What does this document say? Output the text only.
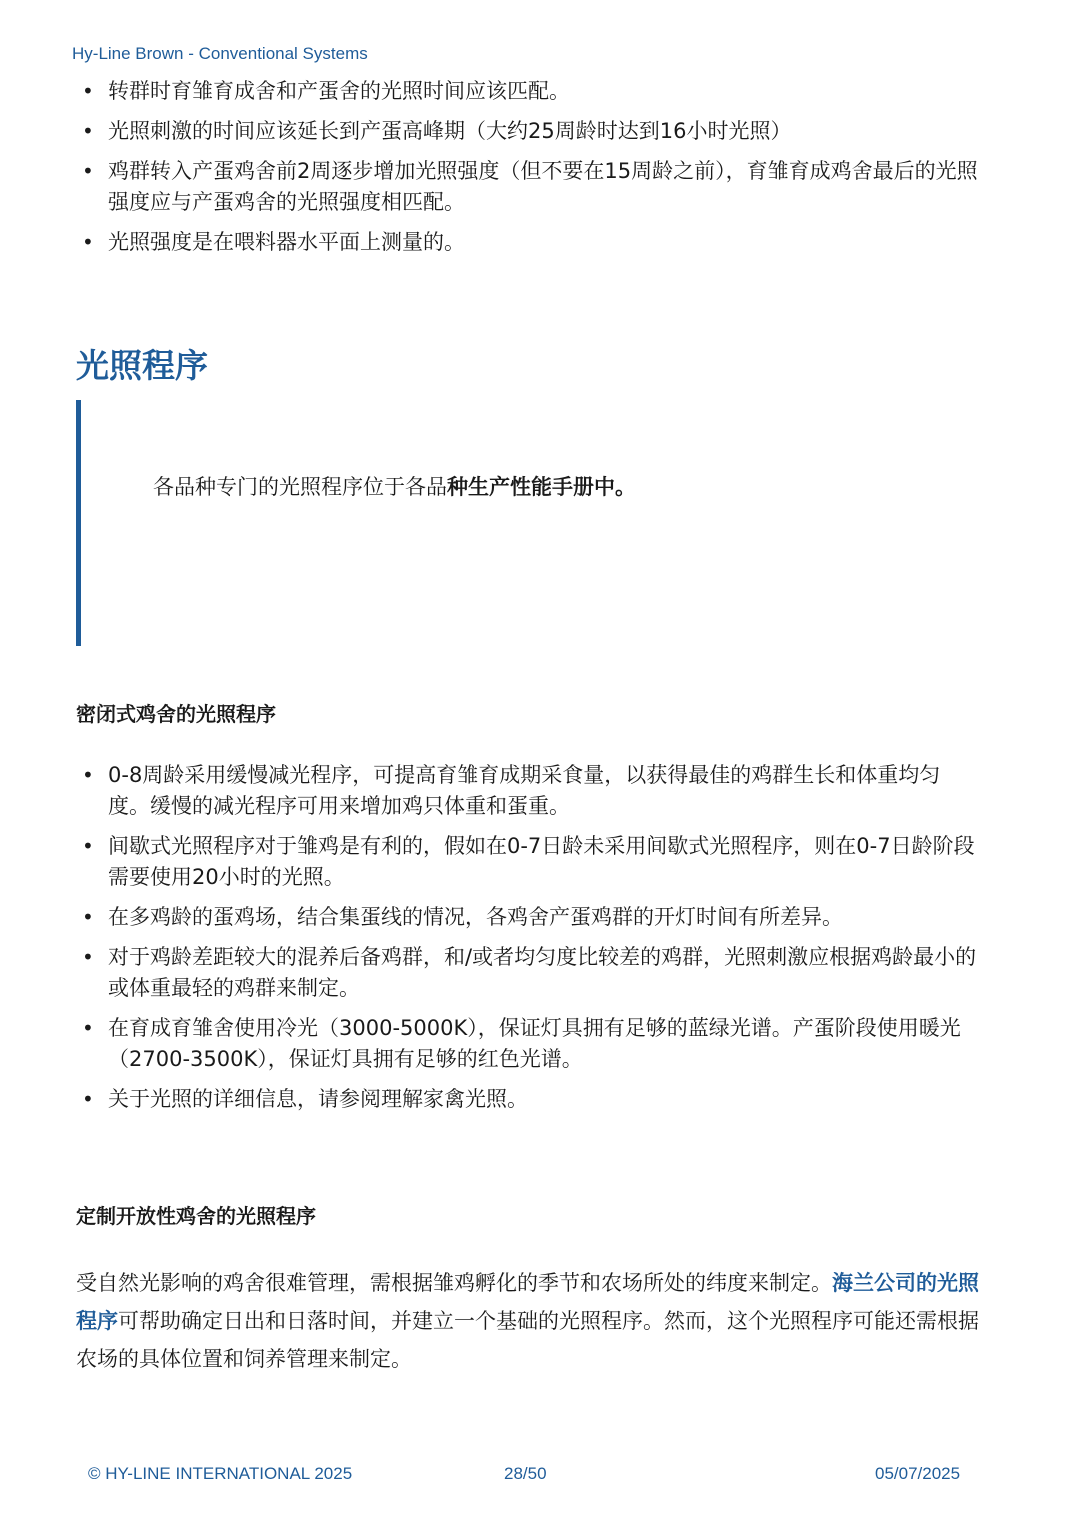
Hy-Line Brown - Conventional Systems
• 转群时育雏育成舍和产蛋舍的光照时间应该匹配。
• 光照刺激的时间应该延长到产蛋高峰期（大约25周龄时达到16小时光照）
• 鸡群转入产蛋鸡舍前2周逐步增加光照强度（但不要在15周龄之前），育雏育成鸡舍最后的光照强度应与产蛋鸡舍的光照强度相匹配。
• 光照强度是在喂料器水平面上测量的。
光照程序

各品种专门的光照程序位于各品种生产性能手册中。

密闭式鸡舍的光照程序
• 0-8周龄采用缓慢减光程序，可提高育雏育成期采食量，以获得最佳的鸡群生长和体重均匀度。缓慢的减光程序可用来增加鸡只体重和蛋重。
• 间歇式光照程序对于雏鸡是有利的，假如在0-7日龄未采用间歇式光照程序，则在0-7日龄阶段需要使用20小时的光照。
• 在多鸡龄的蛋鸡场，结合集蛋线的情况，各鸡舍产蛋鸡群的开灯时间有所差异。
• 对于鸡龄差距较大的混养后备鸡群，和/或者均匀度比较差的鸡群，光照刺激应根据鸡龄最小的或体重最轻的鸡群来制定。
• 在育成育雏舍使用冷光（3000-5000K），保证灯具拥有足够的蓝绿光谱。产蛋阶段使用暖光（2700-3500K），保证灯具拥有足够的红色光谱。
• 关于光照的详细信息，请参阅理解家禽光照。
定制开放性鸡舍的光照程序

受自然光影响的鸡舍很难管理，需根据雏鸡孵化的季节和农场所处的纬度来制定。海兰公司的光照程序可帮助确定日出和日落时间，并建立一个基础的光照程序。然而，这个光照程序可能还需根据农场的具体位置和饲养管理来制定。

© HY-LINE INTERNATIONAL 2025	28/50	05/07/2025
